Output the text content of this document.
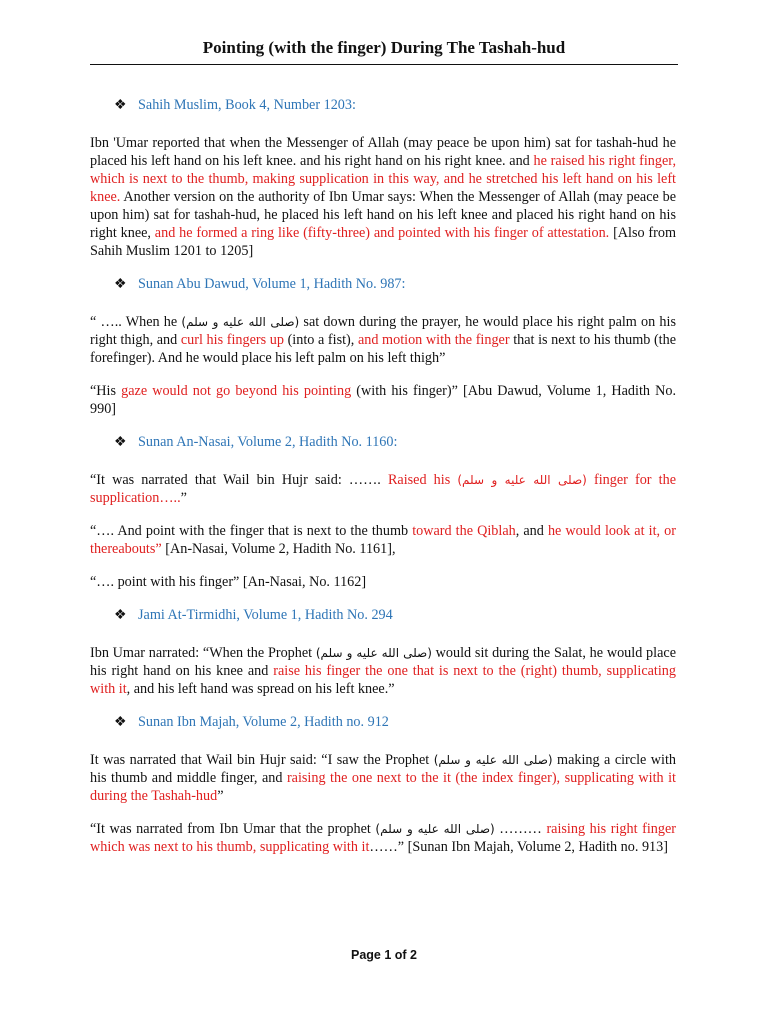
Pointing (with the finger) During The Tashah-hud
❖ Sahih Muslim, Book 4, Number 1203:

Ibn 'Umar reported that when the Messenger of Allah (may peace be upon him) sat for tashah-hud he placed his left hand on his left knee. and his right hand on his right knee. and he raised his right finger, which is next to the thumb, making supplication in this way, and he stretched his left hand on his left knee. Another version on the authority of Ibn Umar says: When the Messenger of Allah (may peace be upon him) sat for tashah-hud, he placed his left hand on his left knee and placed his right hand on his right knee, and he formed a ring like (fifty-three) and pointed with his finger of attestation. [Also from Sahih Muslim 1201 to 1205]

❖ Sunan Abu Dawud, Volume 1, Hadith No. 987:

“ ….. When he (صلى الله عليه و سلم) sat down during the prayer, he would place his right palm on his right thigh, and curl his fingers up (into a fist), and motion with the finger that is next to his thumb (the forefinger). And he would place his left palm on his left thigh”

“His gaze would not go beyond his pointing (with his finger)” [Abu Dawud, Volume 1, Hadith No. 990]

❖ Sunan An-Nasai, Volume 2, Hadith No. 1160:

“It was narrated that Wail bin Hujr said: ……. Raised his (صلى الله عليه و سلم) finger for the supplication…..”

“…. And point with the finger that is next to the thumb toward the Qiblah, and he would look at it, or thereabouts” [An-Nasai, Volume 2, Hadith No. 1161],

“…. point with his finger” [An-Nasai, No. 1162]

❖ Jami At-Tirmidhi, Volume 1, Hadith No. 294

Ibn Umar narrated: “When the Prophet (صلى الله عليه و سلم) would sit during the Salat, he would place his right hand on his knee and raise his finger the one that is next to the (right) thumb, supplicating with it, and his left hand was spread on his left knee.”

❖ Sunan Ibn Majah, Volume 2, Hadith no. 912

It was narrated that Wail bin Hujr said: “I saw the Prophet (صلى الله عليه و سلم) making a circle with his thumb and middle finger, and raising the one next to the it (the index finger), supplicating with it during the Tashah-hud”

“It was narrated from Ibn Umar that the prophet (صلى الله عليه و سلم) ……… raising his right finger which was next to his thumb, supplicating with it……” [Sunan Ibn Majah, Volume 2, Hadith no. 913]

Page 1 of 2
